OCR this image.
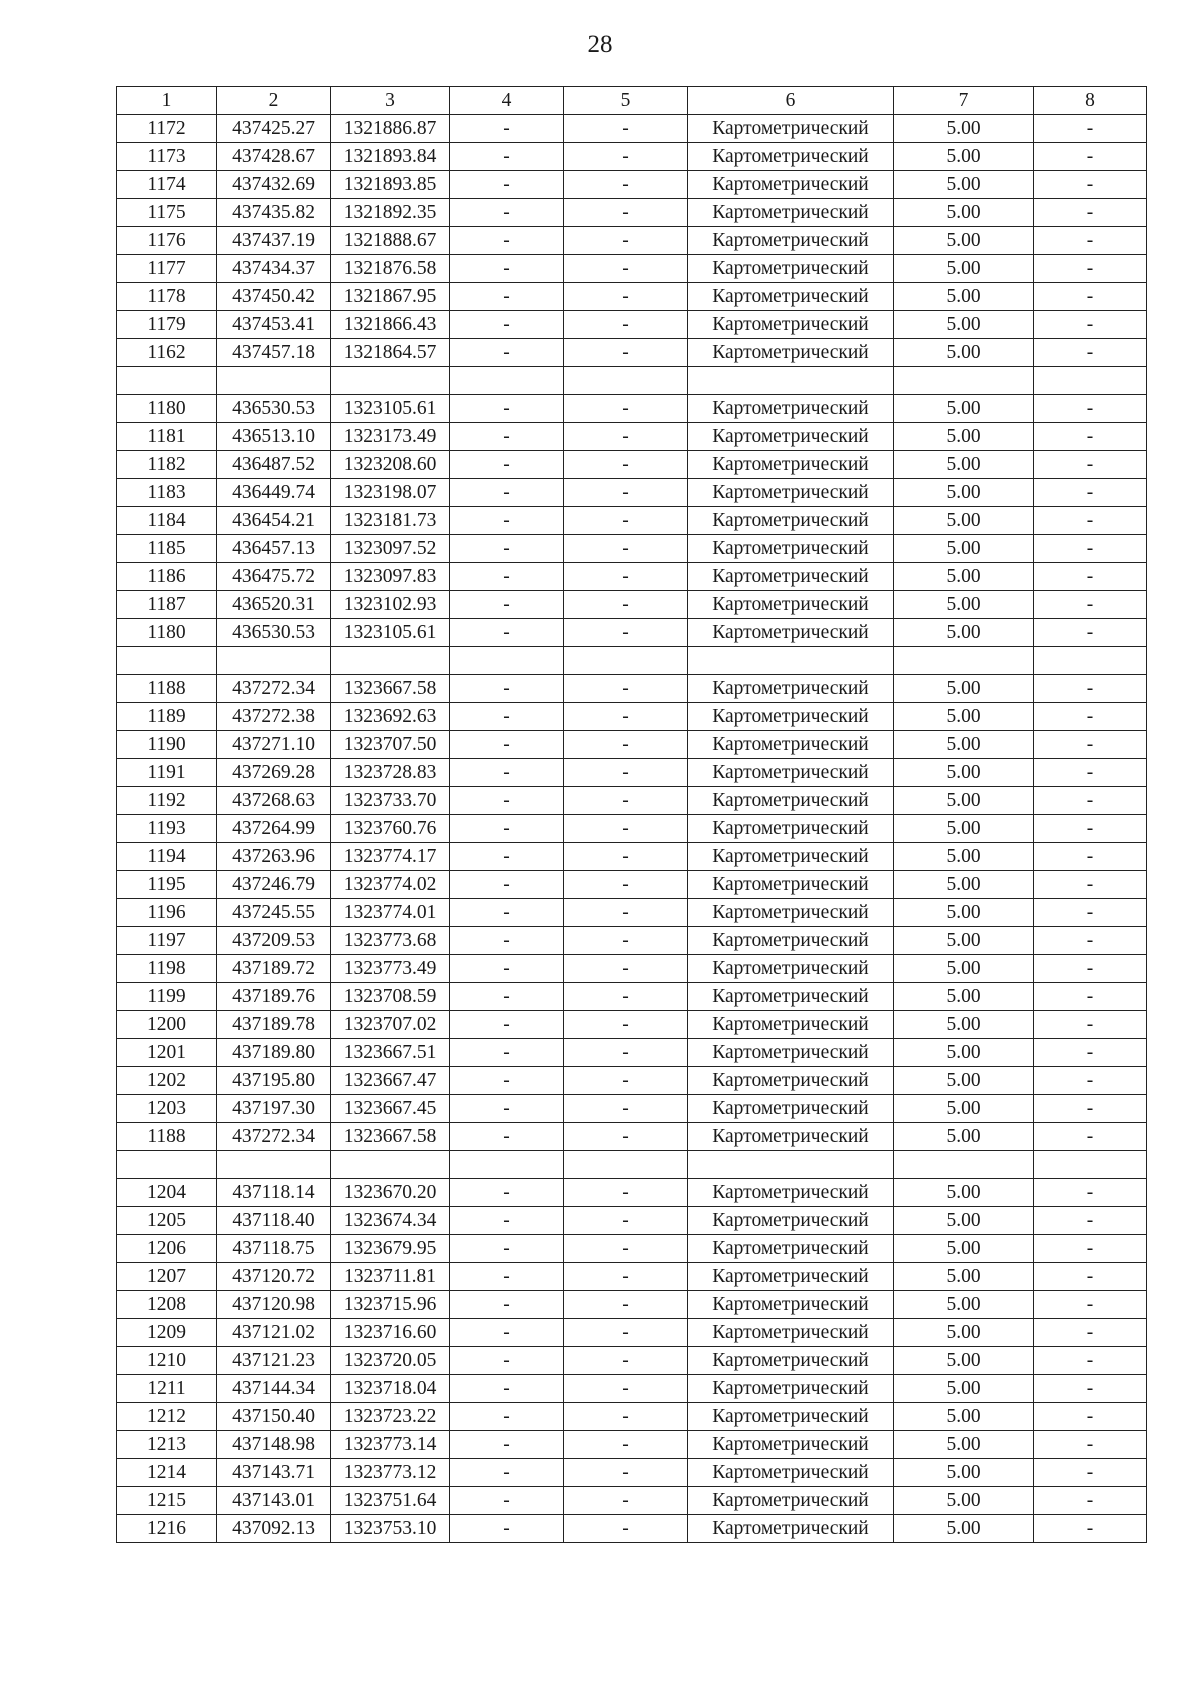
28
1	2	3	4	5	6	7	8
1172	437425.27	1321886.87	-	-	Картометрический	5.00	-
1173	437428.67	1321893.84	-	-	Картометрический	5.00	-
1174	437432.69	1321893.85	-	-	Картометрический	5.00	-
1175	437435.82	1321892.35	-	-	Картометрический	5.00	-
1176	437437.19	1321888.67	-	-	Картометрический	5.00	-
1177	437434.37	1321876.58	-	-	Картометрический	5.00	-
1178	437450.42	1321867.95	-	-	Картометрический	5.00	-
1179	437453.41	1321866.43	-	-	Картометрический	5.00	-
1162	437457.18	1321864.57	-	-	Картометрический	5.00	-

1180	436530.53	1323105.61	-	-	Картометрический	5.00	-
1181	436513.10	1323173.49	-	-	Картометрический	5.00	-
1182	436487.52	1323208.60	-	-	Картометрический	5.00	-
1183	436449.74	1323198.07	-	-	Картометрический	5.00	-
1184	436454.21	1323181.73	-	-	Картометрический	5.00	-
1185	436457.13	1323097.52	-	-	Картометрический	5.00	-
1186	436475.72	1323097.83	-	-	Картометрический	5.00	-
1187	436520.31	1323102.93	-	-	Картометрический	5.00	-
1180	436530.53	1323105.61	-	-	Картометрический	5.00	-

1188	437272.34	1323667.58	-	-	Картометрический	5.00	-
1189	437272.38	1323692.63	-	-	Картометрический	5.00	-
1190	437271.10	1323707.50	-	-	Картометрический	5.00	-
1191	437269.28	1323728.83	-	-	Картометрический	5.00	-
1192	437268.63	1323733.70	-	-	Картометрический	5.00	-
1193	437264.99	1323760.76	-	-	Картометрический	5.00	-
1194	437263.96	1323774.17	-	-	Картометрический	5.00	-
1195	437246.79	1323774.02	-	-	Картометрический	5.00	-
1196	437245.55	1323774.01	-	-	Картометрический	5.00	-
1197	437209.53	1323773.68	-	-	Картометрический	5.00	-
1198	437189.72	1323773.49	-	-	Картометрический	5.00	-
1199	437189.76	1323708.59	-	-	Картометрический	5.00	-
1200	437189.78	1323707.02	-	-	Картометрический	5.00	-
1201	437189.80	1323667.51	-	-	Картометрический	5.00	-
1202	437195.80	1323667.47	-	-	Картометрический	5.00	-
1203	437197.30	1323667.45	-	-	Картометрический	5.00	-
1188	437272.34	1323667.58	-	-	Картометрический	5.00	-

1204	437118.14	1323670.20	-	-	Картометрический	5.00	-
1205	437118.40	1323674.34	-	-	Картометрический	5.00	-
1206	437118.75	1323679.95	-	-	Картометрический	5.00	-
1207	437120.72	1323711.81	-	-	Картометрический	5.00	-
1208	437120.98	1323715.96	-	-	Картометрический	5.00	-
1209	437121.02	1323716.60	-	-	Картометрический	5.00	-
1210	437121.23	1323720.05	-	-	Картометрический	5.00	-
1211	437144.34	1323718.04	-	-	Картометрический	5.00	-
1212	437150.40	1323723.22	-	-	Картометрический	5.00	-
1213	437148.98	1323773.14	-	-	Картометрический	5.00	-
1214	437143.71	1323773.12	-	-	Картометрический	5.00	-
1215	437143.01	1323751.64	-	-	Картометрический	5.00	-
1216	437092.13	1323753.10	-	-	Картометрический	5.00	-
